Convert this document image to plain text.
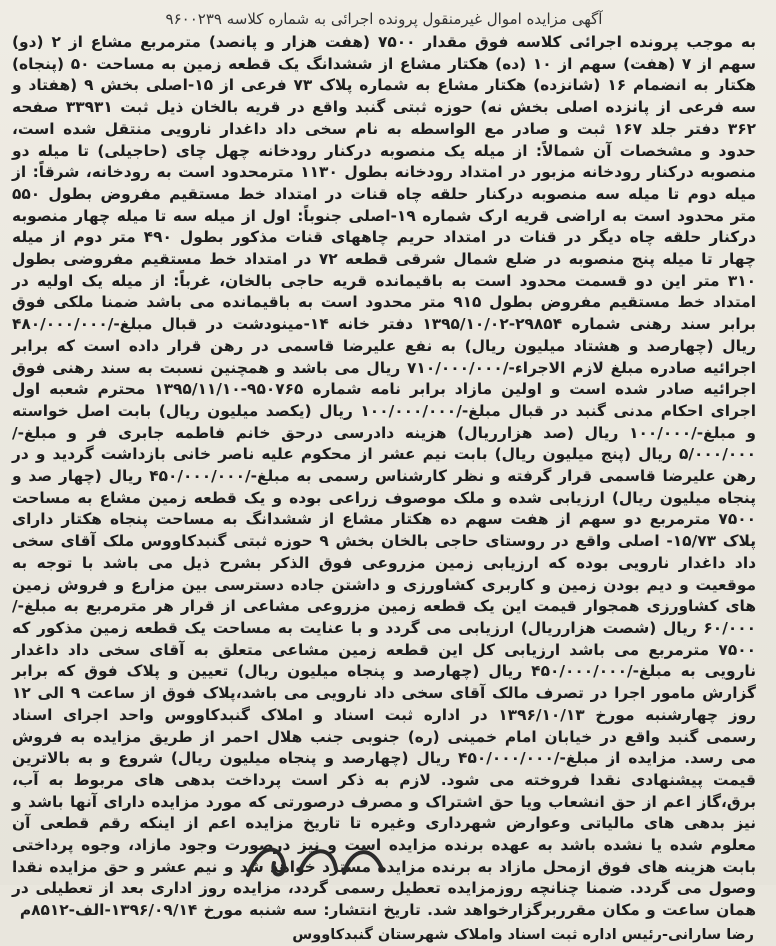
آگهی مزایده اموال غیرمنقول پرونده اجرائی به شماره کلاسه ۹۶۰۰۲۳۹

به موجب پرونده اجرائی کلاسه فوق مقدار ۷۵۰۰ (هفت هزار و پانصد) مترمربع مشاع از ۲ (دو) سهم از ۷ (هفت) سهم از ۱۰ (ده) هکتار مشاع از ششدانگ یک قطعه زمین به مساحت ۵۰ (پنجاه) هکتار به انضمام ۱۶ (شانزده) هکتار مشاع به شماره پلاک ۷۳ فرعی از ۱۵-اصلی بخش ۹ (هفتاد و سه فرعی از پانزده اصلی بخش نه) حوزه ثبتی گنبد واقع در قریه بالخان ذیل ثبت ۳۳۹۳۱ صفحه ۳۶۲ دفتر جلد ۱۶۷ ثبت و صادر مع الواسطه به نام سخی داد داغدار نارویی منتقل شده است، حدود و مشخصات آن شمالاً: از میله یک منصوبه درکنار رودخانه چهل چای (حاجیلی) تا میله دو منصوبه درکنار رودخانه مزبور در امتداد رودخانه بطول ۱۱۳۰ مترمحدود است به رودخانه، شرقاً: از میله دوم تا میله سه منصوبه درکنار حلقه چاه قنات در امتداد خط مستقیم مفروض بطول ۵۵۰ متر محدود است به اراضی قریه ارک شماره ۱۹-اصلی جنوباً: اول از میله سه تا میله چهار منصوبه درکنار حلقه چاه دیگر در قنات در امتداد حریم چاههای قنات مذکور بطول ۴۹۰ متر دوم از میله چهار تا میله پنج منصوبه در ضلع شمال شرقی قطعه ۷۲ در امتداد خط مستقیم مفروضی بطول ۳۱۰ متر این دو قسمت محدود است به باقیمانده قریه حاجی بالخان، غرباً: از میله یک اولیه در امتداد خط مستقیم مفروض بطول ۹۱۵ متر محدود است به باقیمانده می باشد ضمنا ملکی فوق برابر سند رهنی شماره ۲۹۸۵۴-۱۳۹۵/۱۰/۰۲ دفتر خانه ۱۴-مینودشت در قبال مبلغ-/۴۸۰/۰۰۰/۰۰۰ ریال (چهارصد و هشتاد میلیون ریال) به نفع علیرضا قاسمی در رهن قرار داده است که برابر اجرائیه صادره مبلغ لازم الاجراء-/۷۱۰/۰۰۰/۰۰۰ ریال می باشد و همچنین نسبت به سند رهنی فوق اجرائیه صادر شده است و اولین مازاد برابر نامه شماره ۹۵۰۷۶۵-۱۳۹۵/۱۱/۱۰ محترم شعبه اول اجرای احکام مدنی گنبد در قبال مبلغ-/۱۰۰/۰۰۰/۰۰۰ ریال (یکصد میلیون ریال) بابت اصل خواسته و مبلغ-/۱۰۰/۰۰۰ ریال (صد هزارریال) هزینه دادرسی درحق خانم فاطمه جابری فر و مبلغ-/۵/۰۰۰/۰۰۰ ریال (پنج میلیون ریال) بابت نیم عشر از محکوم علیه ناصر خانی بازداشت گردید و در رهن علیرضا قاسمی قرار گرفته و نظر کارشناس رسمی به مبلغ-/۴۵۰/۰۰۰/۰۰۰ ریال (چهار صد و پنجاه میلیون ریال) ارزیابی شده و ملک موصوف زراعی بوده و یک قطعه زمین مشاع به مساحت ۷۵۰۰ مترمربع دو سهم از هفت سهم ده هکتار مشاع از ششدانگ به مساحت پنجاه هکتار دارای پلاک ۱۵/۷۳- اصلی واقع در روستای حاجی بالخان بخش ۹ حوزه ثبتی گنبدکاووس ملک آقای سخی داد داغدار نارویی بوده که ارزیابی زمین مزروعی فوق الذکر بشرح ذیل می باشد با توجه به موقعیت و دیم بودن زمین و کاربری کشاورزی و داشتن جاده دسترسی بین مزارع و فروش زمین های کشاورزی همجوار قیمت این یک قطعه زمین مزروعی مشاعی از قرار هر مترمربع به مبلغ-/۶۰/۰۰۰ ریال (شصت هزارریال) ارزیابی می گردد و با عنایت به مساحت یک قطعه زمین مذکور که ۷۵۰۰ مترمربع می باشد ارزیابی کل این قطعه زمین مشاعی متعلق به آقای سخی داد داغدار نارویی به مبلغ-/۴۵۰/۰۰۰/۰۰۰ ریال (چهارصد و پنجاه میلیون ریال) تعیین و پلاک فوق که برابر گزارش مامور اجرا در تصرف مالک آقای سخی داد نارویی می باشد،پلاک فوق از ساعت ۹ الی ۱۲ روز چهارشنبه مورخ ۱۳۹۶/۱۰/۱۳ در اداره ثبت اسناد و املاک گنبدکاووس واحد اجرای اسناد رسمی گنبد واقع در خیابان امام خمینی (ره) جنوبی جنب هلال احمر از طریق مزایده به فروش می رسد. مزایده از مبلغ-/۴۵۰/۰۰۰/۰۰۰ ریال (چهارصد و پنجاه میلیون ریال) شروع و به بالاترین قیمت پیشنهادی نقدا فروخته می شود. لازم به ذکر است پرداخت بدهی های مربوط به آب، برق،گاز اعم از حق انشعاب ویا حق اشتراک و مصرف درصورتی که مورد مزایده دارای آنها باشد و نیز بدهی های مالیاتی وعوارض شهرداری وغیره تا تاریخ مزایده اعم از اینکه رقم قطعی آن معلوم شده یا نشده باشد به عهده برنده مزایده است و نیز درصورت وجود مازاد، وجوه پرداختی بابت هزینه های فوق ازمحل مازاد به برنده مزایده مسترد خواهد شد و نیم عشر و حق مزایده نقدا وصول می گردد. ضمنا چنانچه روزمزایده تعطیل رسمی گردد، مزایده روز اداری بعد از تعطیلی در همان ساعت و مکان مقرربرگزارخواهد شد. تاریخ انتشار: سه شنبه مورخ ۱۳۹۶/۰۹/۱۴-الف-۸۵۱۲م

رضا سارانی-رئیس اداره ثبت اسناد واملاک شهرستان گنبدکاووس
